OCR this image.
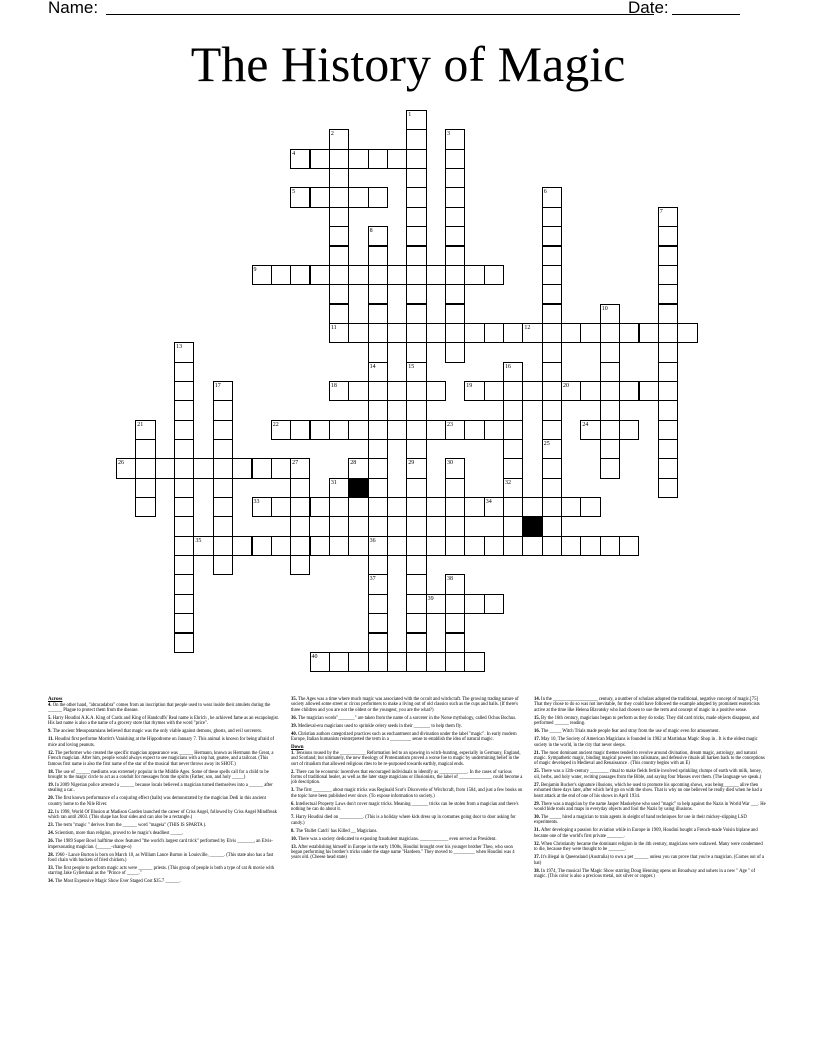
Name:	Date:
The History of Magic
1
2	3
4
5	6
7
8
9
10
11	12
13
14	15	16
17	18	19	20
21	22	23	24
25
26	27	28	29	30
31	32
33	34
35	36
37	38
39
40
Across

4. On the other hand, "abracadabra" comes from an inscription that people used to wear inside their amulets during the ______ Plague to protect them from the disease.

5. Harry Houdini A.K.A. King of Cards and King of Handcuffs' Real name is Ehrich , he achieved fame as an escapologist. His last name is also a the name of a grocery store that rhymes with the word "price".

9. The ancient Mesopotamians believed that magic was the only viable against demons, ghosts, and evil sorcerers.

11. Houdini first performe Morritt's Vanishing at the Hippodrome on January 7. This animal is known for being afraid of mice and loving peanuts.

12. The performer who created the specific magician appearance was ______ Hermann, known as Hermann the Great, a French magician. After him, people would always expect to see magicians with a top hat, goatee, and a tailcoat. (This famous first name is also the first name of the star of the musical that never throws away its SHOT.)

18. The use of ______ mediums was extremely popular in the Middle Ages. Some of these spells call for a child to be brought to the magic circle to act as a conduit for messages from the spirits (Father, son, and holy _____)

19. In 2009 Nigerian police arrested a ______ because locals believed a magician turned themselves into a ______ after stealing a car..

20. The first known performance of a conjuring effect (balls) was demonstrated by the magician Dedi in this ancient country home to the Nile River.

22. In 1998, World Of Illusion at Madison Garden launched the career of Criss Angel, followed by Criss Angel Mindfreak which ran until 2003. (This shape has four sides and can also be a rectangle.)

23. The term "magic " derives from the ______ word "mageia" (THIS IS SPARTA ).

24. Scientism, more than religion, proved to be magic's deadliest _____.

26. The 1989 Super Bowl halftime show featured "the world's largest card trick" performed by Elvis _______, an Elvis-impersonating magician. (______-change-o)

28. 1960 - Lance Burton is born on March 10, as William Lance Burton in Louisville, ______. (This state also has a fast food chain with buckets of fried chicken.)

33. The first people to perform magic acts were ______ priests. (This group of people is both a type of cat & movie with starring Jake Gyllenhaal as the "Prince of _____."

34. The Most Expensive Magic Show Ever Staged Cost $35.7 ______.

35. The Ages was a time where much magic was associated with the occult and witchcraft. The growing trading nature of society allowed some street or circus performers to make a living out of old classics such as the cups and balls. (If there's three children and you are not the oldest or the youngest, you are the what?)

36. The magician words"_______" are taken from the name of a sorcerer in the Norse mythology, called Ochus Bochus.

39. Medieval-era magicians used to sprinkle celery seeds in their _______ to help them fly.

40. Christian authors categorized practices such as enchantment and divination under the label "magic". In early modern Europe, Italian humanists reinterpreted the term in a _________ sense to establish the idea of natural magic.

Down

1. Tensions roused by the ___________ Reformation led to an upswing in witch-hunting, especially in Germany, England, and Scotland; but ultimately, the new theology of Protestantism proved a worse foe to magic by undermining belief in the sort of ritualism that allowed religious rites to be re-purposed towards earthly, magical ends.

2. There can be economic incentives that encouraged individuals to identify as ____________. In the cases of various forms of traditional healer, as well as the later stage magicians or illusionists, the label of ______________ could become a job description.

3. The first ________ about magic tricks was Reginald Scot's Discoverie of Witchcraft, from 1584, and just a few books on the topic have been published ever since. (To expose information to society.)

6. Intellectual Property Laws don't cover magic tricks. Meaning _______ tricks can be stolen from a magician and there's nothing he can do about it.

7. Harry Houdini died on __________. (This is a holiday where kids dress up in costumes going door to door asking for candy.)

8. The 'Bullet Catch' has Killed __ Magicians.

10. There was a society dedicated to exposing fraudulent magicians. ____________ even served as President.

13. After establishing himself in Europe in the early 1900s, Houdini brought over his younger brother Theo, who soon began performing his brother's tricks under the stage name "Hardeen." They moved to _________ when Houdini was 4 years old. (Cheese head state)

14. In the ___________________ century, a number of scholars adopted the traditional, negative concept of magic.[75] That they chose to do so was not inevitable, for they could have followed the example adopted by prominent esotericists active at the time like Helena Blavatsky who had chosen to use the term and concept of magic in a positive sense.

15. By the 16th century, magicians began to perform as they do today. They did card tricks, made objects disappear, and performed ______ reading.

16. The _____ Witch Trials made people fear and stray from the use of magic even for amusement.

17. May 10, The Society of American Magicians is founded in 1902 at Martinkas Magic Shop in . It is the oldest magic society in the world, in the city that never sleeps.

21. The most dominant ancient magic themes tended to revolve around divination, dream magic, astrology, and natural magic. Sympathetic magic, binding magical powers into talismans, and defensive rituals all harken back to the conceptions of magic developed in Medieval and Renaissance . (This country begins with an E)

25. There was a 12th-century ________ ritual to make fields fertile involved sprinkling clumps of earth with milk, honey, oil, herbs, and holy water, reciting passages from the Bible, and saying four Masses over them. (The language we speak.)

27. Benjamin Rucker's signature illusions, which he used to promote his upcoming shows, was being ______ alive then exhumed three days later, after which he'd go on with the show. That is why no one believed he really died when he had a heart attack at the end of one of his shows in April 1934.

29. There was a magician by the name Jasper Maskelyne who used "magic" to help against the Nazis in World War ___. He would hide tools and maps in everyday objects and fool the Nazis by using illusions.

30. The _____ hired a magician to train agents in sleight of hand techniques for use in their mickey-slipping LSD experiments.

31. After developing a passion for aviation while in Europe in 1909, Houdini bought a French-made Voisin biplane and became one of the world's first private _______.

32. When Christianity became the dominant religion in the 4th century, magicians were outlawed. Many were condemned to die, because they were thought to be _______.

37. It's illegal in Queensland (Australia) to own a pet ______ unless you can prove that you're a magician. (Comes out of a hat)

38. In 1974, The musical The Magic Show starring Doug Henning opens on Broadway and ushers in a new " Age " of magic. (This color is also a precious metal, not silver or copper.)
